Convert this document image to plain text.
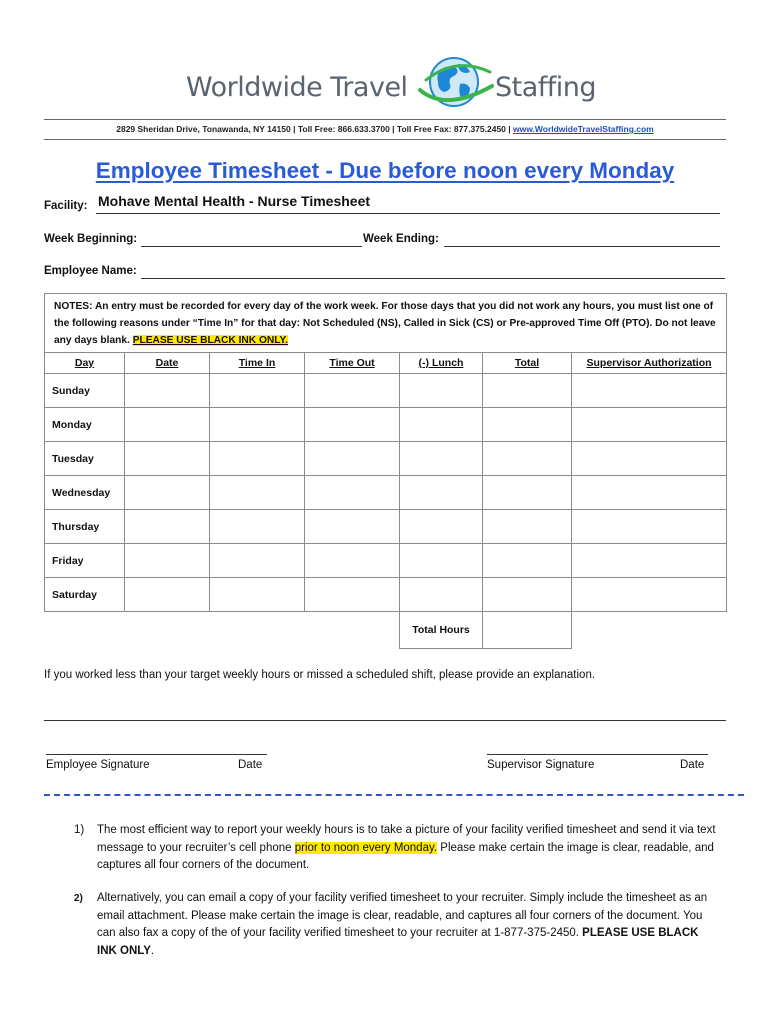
Worldwide Travel	Staffing
2829 Sheridan Drive, Tonawanda, NY 14150 | Toll Free: 866.633.3700 | Toll Free Fax: 877.375.2450 | www.WorldwideTravelStaffing.com
Employee Timesheet - Due before noon every Monday
Facility: Mohave Mental Health - Nurse Timesheet
Week Beginning:	Week Ending:
Employee Name:
NOTES: An entry must be recorded for every day of the work week. For those days that you did not work any hours, you must list one of the following reasons under “Time In” for that day: Not Scheduled (NS), Called in Sick (CS) or Pre-approved Time Off (PTO). Do not leave any days blank. PLEASE USE BLACK INK ONLY.						
Day	Date	Time In	Time Out	(-) Lunch	Total	Supervisor Authorization
Sunday						
Monday						
Tuesday						
Wednesday						
Thursday						
Friday						
Saturday						
				Total Hours		
If you worked less than your target weekly hours or missed a scheduled shift, please provide an explanation.
Employee Signature	Date	Supervisor Signature	Date
1) The most efficient way to report your weekly hours is to take a picture of your facility verified timesheet and send it via text message to your recruiter’s cell phone prior to noon every Monday. Please make certain the image is clear, readable, and captures all four corners of the document.
2) Alternatively, you can email a copy of your facility verified timesheet to your recruiter. Simply include the timesheet as an email attachment. Please make certain the image is clear, readable, and captures all four corners of the document. You can also fax a copy of the of your facility verified timesheet to your recruiter at 1-877-375-2450. PLEASE USE BLACK INK ONLY.
